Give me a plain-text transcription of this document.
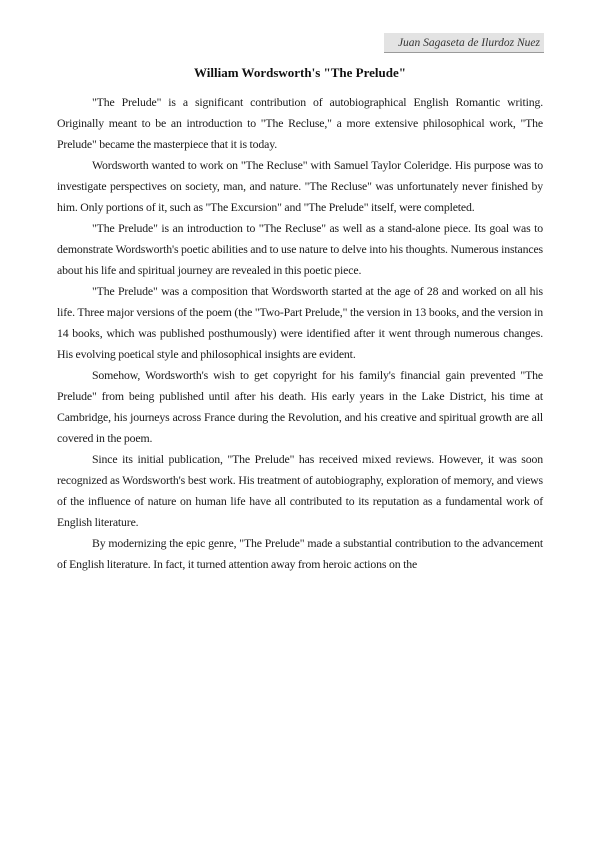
Juan Sagaseta de Ilurdoz Nuez
William Wordsworth's "The Prelude"

"The Prelude" is a significant contribution of autobiographical English Romantic writing. Originally meant to be an introduction to "The Recluse," a more extensive philosophical work, "The Prelude" became the masterpiece that it is today.

Wordsworth wanted to work on "The Recluse" with Samuel Taylor Coleridge. His purpose was to investigate perspectives on society, man, and nature. "The Recluse" was unfortunately never finished by him. Only portions of it, such as "The Excursion" and "The Prelude" itself, were completed.

"The Prelude" is an introduction to "The Recluse" as well as a stand-alone piece. Its goal was to demonstrate Wordsworth's poetic abilities and to use nature to delve into his thoughts. Numerous instances about his life and spiritual journey are revealed in this poetic piece.

"The Prelude" was a composition that Wordsworth started at the age of 28 and worked on all his life. Three major versions of the poem (the "Two-Part Prelude," the version in 13 books, and the version in 14 books, which was published posthumously) were identified after it went through numerous changes. His evolving poetical style and philosophical insights are evident.

Somehow, Wordsworth's wish to get copyright for his family's financial gain prevented "The Prelude" from being published until after his death. His early years in the Lake District, his time at Cambridge, his journeys across France during the Revolution, and his creative and spiritual growth are all covered in the poem.

Since its initial publication, "The Prelude" has received mixed reviews. However, it was soon recognized as Wordsworth's best work. His treatment of autobiography, exploration of memory, and views of the influence of nature on human life have all contributed to its reputation as a fundamental work of English literature.

By modernizing the epic genre, "The Prelude" made a substantial contribution to the advancement of English literature. In fact, it turned attention away from heroic actions on the
